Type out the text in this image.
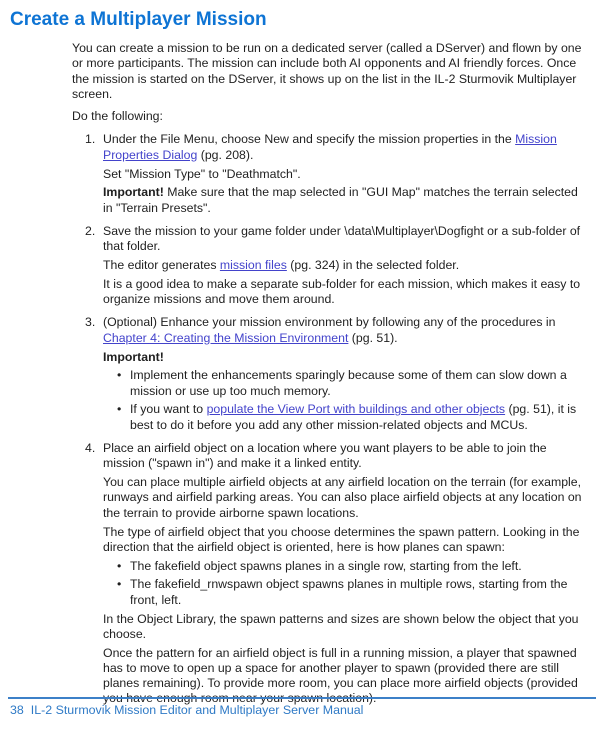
Create a Multiplayer Mission

You can create a mission to be run on a dedicated server (called a DServer) and flown by one or more participants. The mission can include both AI opponents and AI friendly forces. Once the mission is started on the DServer, it shows up on the list in the IL-2 Sturmovik Multiplayer screen.

Do the following:

1. Under the File Menu, choose New and specify the mission properties in the Mission Properties Dialog (pg. 208).

Set "Mission Type" to "Deathmatch".

Important! Make sure that the map selected in "GUI Map" matches the terrain selected in "Terrain Presets".

2. Save the mission to your game folder under \data\Multiplayer\Dogfight or a sub-folder of that folder.

The editor generates mission files (pg. 324) in the selected folder.

It is a good idea to make a separate sub-folder for each mission, which makes it easy to organize missions and move them around.

3. (Optional) Enhance your mission environment by following any of the procedures in Chapter 4: Creating the Mission Environment (pg. 51).

Important!

• Implement the enhancements sparingly because some of them can slow down a mission or use up too much memory.

• If you want to populate the View Port with buildings and other objects (pg. 51), it is best to do it before you add any other mission-related objects and MCUs.

4. Place an airfield object on a location where you want players to be able to join the mission ("spawn in") and make it a linked entity.

You can place multiple airfield objects at any airfield location on the terrain (for example, runways and airfield parking areas. You can also place airfield objects at any location on the terrain to provide airborne spawn locations.

The type of airfield object that you choose determines the spawn pattern. Looking in the direction that the airfield object is oriented, here is how planes can spawn:

• The fakefield object spawns planes in a single row, starting from the left.

• The fakefield_rnwspawn object spawns planes in multiple rows, starting from the front, left.

In the Object Library, the spawn patterns and sizes are shown below the object that you choose.

Once the pattern for an airfield object is full in a running mission, a player that spawned has to move to open up a space for another player to spawn (provided there are still planes remaining). To provide more room, you can place more airfield objects (provided you have enough room near your spawn location).

38 IL-2 Sturmovik Mission Editor and Multiplayer Server Manual
